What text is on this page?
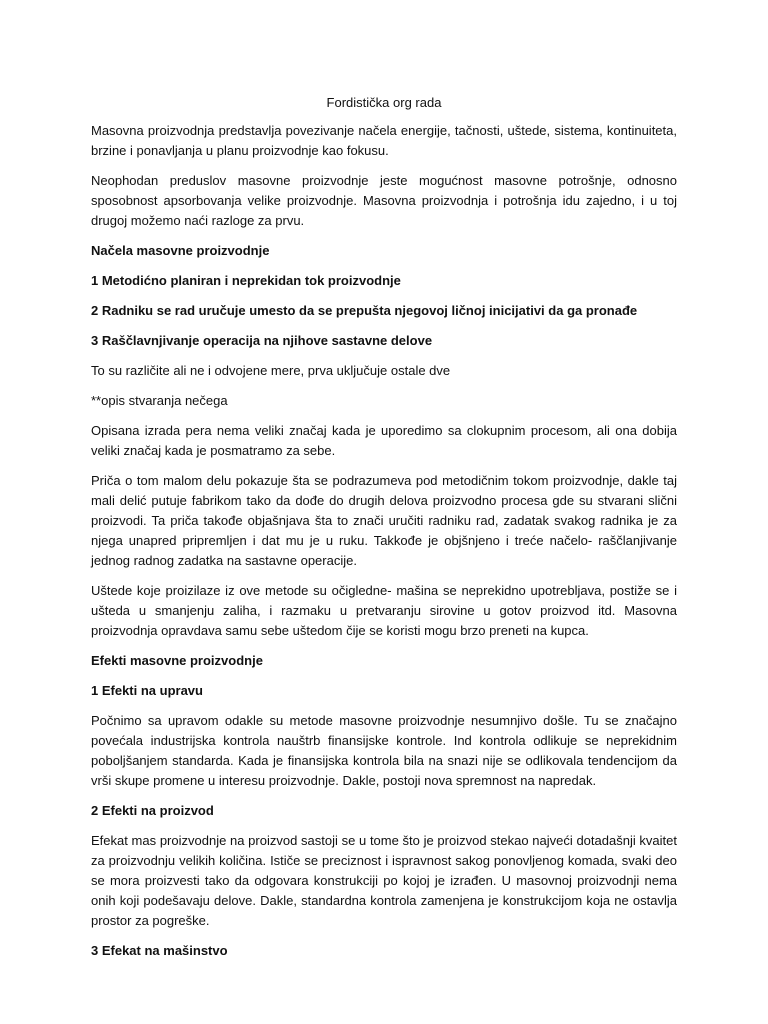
Fordistička org rada

Masovna proizvodnja predstavlja povezivanje načela energije, tačnosti, uštede, sistema, kontinuiteta, brzine i ponavljanja u planu proizvodnje kao fokusu.

Neophodan preduslov masovne proizvodnje jeste mogućnost masovne potrošnje, odnosno sposobnost apsorbovanja velike proizvodnje. Masovna proizvodnja i potrošnja idu zajedno, i u toj drugoj možemo naći razloge za prvu.

Načela masovne proizvodnje

1 Metodićno planiran i neprekidan tok proizvodnje

2 Radniku se rad uručuje umesto da se prepušta njegovoj ličnoj inicijativi da ga pronađe

3 Raščlavnjivanje operacija na njihove sastavne delove

To su različite ali ne i odvojene mere, prva uključuje ostale dve

**opis stvaranja nečega

Opisana izrada pera nema veliki značaj kada je uporedimo sa clokupnim procesom, ali ona dobija veliki značaj kada je posmatramo za sebe.

Priča o tom malom delu pokazuje šta se podrazumeva pod metodičnim tokom proizvodnje, dakle taj mali delić putuje fabrikom tako da dođe do drugih delova proizvodno procesa gde su stvarani slični proizvodi. Ta priča takođe objašnjava šta to znači uručiti radniku rad, zadatak svakog radnika je za njega unapred pripremljen i dat mu je u ruku. Takkođe je objšnjeno i treće načelo- raščlanjivanje jednog radnog zadatka na sastavne operacije.

Uštede koje proizilaze iz ove metode su očigledne- mašina se neprekidno upotrebljava, postiže se i ušteda u smanjenju zaliha, i razmaku u pretvaranju sirovine u gotov proizvod itd. Masovna proizvodnja opravdava samu sebe uštedom čije se koristi mogu brzo preneti na kupca.

Efekti masovne proizvodnje

1 Efekti na upravu

Počnimo sa upravom odakle su metode masovne proizvodnje nesumnjivo došle. Tu se značajno povećala industrijska kontrola nauštrb finansijske kontrole. Ind kontrola odlikuje se neprekidnim poboljšanjem standarda. Kada je finansijska kontrola bila na snazi nije se odlikovala tendencijom da vrši skupe promene u interesu proizvodnje. Dakle, postoji nova spremnost na napredak.

2 Efekti na proizvod

Efekat mas proizvodnje na proizvod sastoji se u tome što je proizvod stekao najveći dotadašnji kvaitet za proizvodnju velikih količina. Ističe se preciznost i ispravnost sakog ponovljenog komada, svaki deo se mora proizvesti tako da odgovara konstrukciji po kojoj je izrađen. U masovnoj proizvodnji nema onih koji podešavaju delove. Dakle, standardna kontrola zamenjena je konstrukcijom koja ne ostavlja prostor za pogreške.

3 Efekat na mašinstvo
